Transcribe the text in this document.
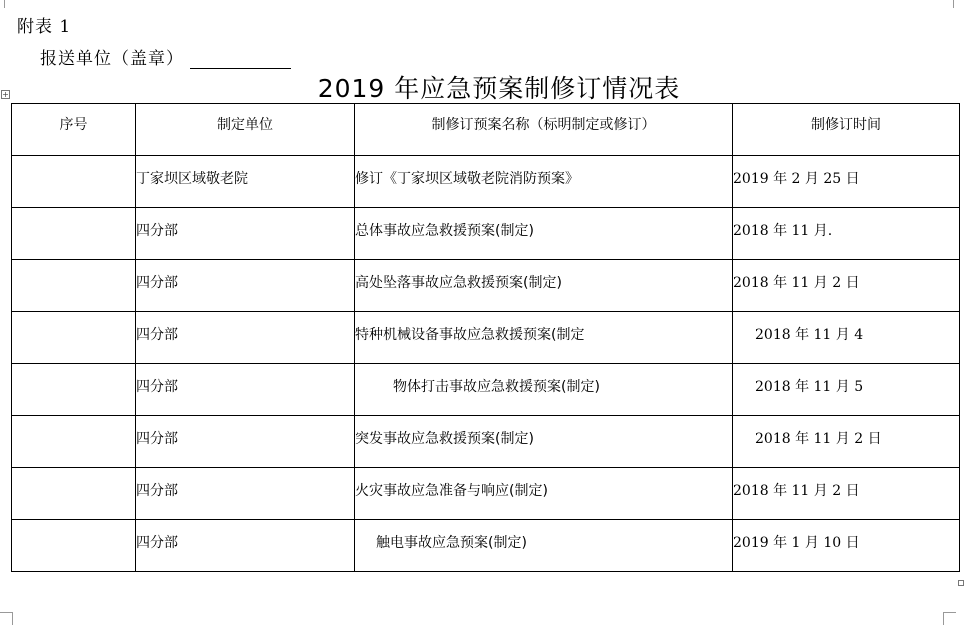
附表 1
报送单位（盖章）
2019 年应急预案制修订情况表
+
序号	制定单位	制修订预案名称（标明制定或修订）	制修订时间
	丁家坝区域敬老院	修订《丁家坝区域敬老院消防预案》	2019 年 2 月 25 日
	四分部	总体事故应急救援预案(制定)	2018 年 11 月.
	四分部	高处坠落事故应急救援预案(制定)	2018 年 11 月 2 日
	四分部	特种机械设备事故应急救援预案(制定	2018 年 11 月 4
	四分部	物体打击事故应急救援预案(制定)	2018 年 11 月 5
	四分部	突发事故应急救援预案(制定)	2018 年 11 月 2 日
	四分部	火灾事故应急准备与响应(制定)	2018 年 11 月 2 日
	四分部	触电事故应急预案(制定)	2019 年 1 月 10 日
